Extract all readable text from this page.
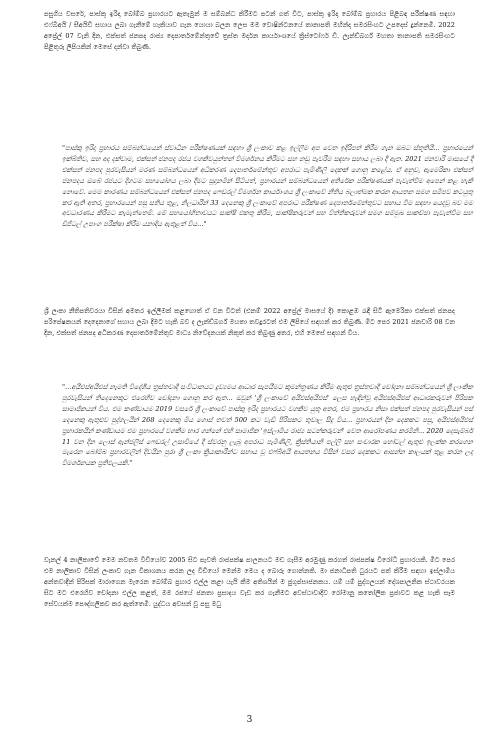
පසුගිය වසරේ, පාස්කු ඉරිදා බෝම්බ ප්‍රහාරයට ඇතැමුන් ම සම්බන්ධ කිරීමට පටන් ගත් විට, පාස්කු ඉරිදා බෝම්බ ප්‍රහාරය පිළිබඳ පරීක්ෂණ සඳහා එෆ්බීඅයි / සීඅයිඩී සහාය ලබා ගැනීමේ හැකියාව ගැන යොයා බලන ලෙස මම වොෂින්ටනයේ තානාපති මහින්ද සමරසිංහට උපදෙස් දුන්නෙමි. 2022 අප්‍රේල් 07 වැනි දින, එක්සත් ජනපද රාජ්‍ය දෙපාර්තමේන්තුවේ ත්‍රස්ත මර්දන කාර්යාංශයේ ක්‍රිස්ටෝෆර් ඩී. ලැන්ඩ්බර්ග් මහතා තානාපති සමරසිංහට පිළිතුරු ලිපියකින් මෙසේ දන්වා තිබුණි.

"පාස්කු ඉරිදා ප්‍රහාරය සම්බන්ධයෙන් ස්වාධීන පරීක්ෂණයක් සඳහා ශ්‍රී ලංකාව කළ ඉල්ලීම අප වෙත ඉදිරිපත් කිරීම ගැන ඔබට ස්තූතියි... ප්‍රහාරයෙන් ඉක්බිතිව, සහ අද දක්වාම, එක්සත් ජනපද රජය වගකිවයුත්තන් විමර්ශනය කිරීමට සහ නඩු පැවරීම සඳහා සහාය ලබා දී ඇත. 2021 ජනවාරි මාසයේ දී එක්සත් ජනපද පුරවැසියන් මරණ සම්බන්ධයෙන් අධිකරණ දෙපාර්තමේන්තුව අපරාධ පැමිණිලි දෙකක් ගොනු කළේය. ඒ අනුව, ඇමෙරිකා එක්සත් ජනපදය ඔබේ රජයට දිගටම සහයෝගය ලබා දීමට සූදානමින් සිටියත්, ප්‍රහාරයන් සම්බන්ධයෙන් අතිරේක පරීක්ෂණයක් පැවැත්වීම අපෙන් කළ හැකි නොවේ. මෙම කාරණය සම්බන්ධයෙන් එක්සත් ජනපද ෆෙඩරල් විමර්ශන කාර්යාංශය ශ්‍රී ලංකාවේ නීතිය බලාත්මක කරන ආයතන සමග සමීපව කටයුතු කර ඇති අතර, ප්‍රහාරයෙන් පසු සතිය තුළ, නිලධාරීන් 33 දෙනෙකු ශ්‍රී ලංකාවේ අපරාධ පරීක්ෂණ දෙපාර්තමේන්තුවට සහාය වීම සඳහා යෙදවූ බව මම අවධාරණය කිරීමට කැමැත්තෙමි. මේ සහයෝගිතාවයට සාක්ෂි එකතු කිරීම, සාක්ෂිකරුවන් සහ විත්තිකරුවන් සමග සම්මුඛ සාකච්ඡා පැවැත්වීම සහ ඩිජිටල් උපාංග පරීක්ෂා කිරීම යනාදිය ඇතුළත් විය..."

ශ්‍රී ලංකා නීතිපතිවරයා විසින් අමතර ඉල්ලීමක් කළහොත් ඒ වන විටත් (එනම් 2022 අප්‍රේල් මාසයේ දී) කොළඹ රැඳී සිටි ඇමෙරිකා එක්සත් ජනපද පරිපේෂකයන් දෙදෙනාගේ සහාය ලබා දීමට හැකි බව ද ලැන්ඩ්බර්ග් මහතා තවදුරටත් එම ලිපියේ සඳහන් කර තිබුණි. මීට පෙර 2021 ජනවාරි 08 වන දින, එක්සත් ජනපද අධිකරණ දෙපාර්තමේන්තුව මාධ්‍ය නිවේදනයක් නිකුත් කර තිබුණු අතර, එහි මෙසේ සඳහන් විය.

"...අයිඑස්අයිඑස් නැමති විදේශීය ත්‍රස්තවාදී සංවිධානයට ද්‍රව්‍යමය ආධාර සැපයීමට කුමන්ත්‍රණය කිරීම ඇතුළු ත්‍රස්තවාදී චෝදනා සම්බන්ධයෙන් ශ්‍රී ලාංකික පුරවැසියන් තිදෙනෙකුට එරෙහිව චෝදනා ගොනු කර ඇත... ඔවුන් 'ශ්‍රී ලංකාවේ අයිඑස්අයිඑස්' ලෙස හැඳින්වූ අයිඑස්අයිඑස් ආධාරකරුවන් පිරිසක සාමාජිකයන් විය. එම කණ්ඩායම 2019 වසරේ ශ්‍රී ලංකාවේ පාස්කු ඉරිදා ප්‍රහාරයට වගකිව යුතු අතර, එම ප්‍රහාරය නිසා එක්සත් ජනපද පුරවැසියන් පස් දෙනෙකු ඇතුළුව පුද්ගලයින් 268 දෙනෙකු මිය ගොස් තවත් 500 කට වැඩි පිරිසකට තුවාල සිදු විය... ප්‍රහාරයන් දින දෙකකට පසු, අයිඑස්අයිඑස් ප්‍රහාරකයින් කණ්ඩායම එම ප්‍රහාරයේ වගකීම භාර ගන්නේ එහි සාමාජික 'ඉස්ලාමීය රාජ්‍ය සටන්කරුවන්' වෙත ආරෝපණය කරමිනි... 2020 දෙසැම්බර් 11 වන දින ලොස් ඇන්ජලීස් ෆෙඩරල් උසාවියේ දී ස්වරනු ලැබූ අපරාධ පැමිණිලි, ක්‍රිස්තියානි පල්ලි සහ සංචාරක හෝටල් ඇතුළු ඉලක්ක කරගෙන මැරෙන බෝම්බ ප්‍රහාරවලින් දිවයින පුරා ශ්‍රී ලංකා ක්‍රියාකාරීන්ට සහාය වූ එෆ්බීඅයි ආයතනය විසින් වසර දෙකකට ආසන්න කාලයක් තුළ කරන ලද විමර්ශනයක ප්‍රතිඵලයකි."

වැනල් 4 නාලිකාවේ මෙම නවතම වීඩියෝව 2005 සිට පැවති රාජපක්ෂ පාලනයට මඩ ගැසීම අරමුණු කරගත් රාජපක්ෂ විරෝධී ප්‍රහාරයකි. මීට පෙර එම නාලිකාව විසින් ලංකාව ගැන විකාශනය කරන ලද වීඩියෝ මෙන්ම මෙය ද බොරු ගොන්නකි. මා ජනාධිපති ධුරයට පත් කිරීම සඳහා ඉස්ලාමීය අන්තවාදීන් පිරිසක් මාරාගෙන මැරෙන බෝම්බ ප්‍රහාර එල්ල කළා යැයි කීම අතිශයින් ම ජුගුප්සාජනකය. යම් යම් පුද්ගලයන් දේශපාලනික ස්ථාවරයක සිට මට එරෙහිව චෝදනා එල්ල කළත්, මම රජයේ ජනතා ප්‍රසාදය වැඩ කර ගැනීමට අවස්ථාවාදීව රෝමානු කතෝලික ප්‍රජාවට කළ හැකි සෑම සේවයක්ම පෞද්ගලිකව කර ඇත්තෙමි. යුද්ධය අවසන් වූ පසු මධු

3
